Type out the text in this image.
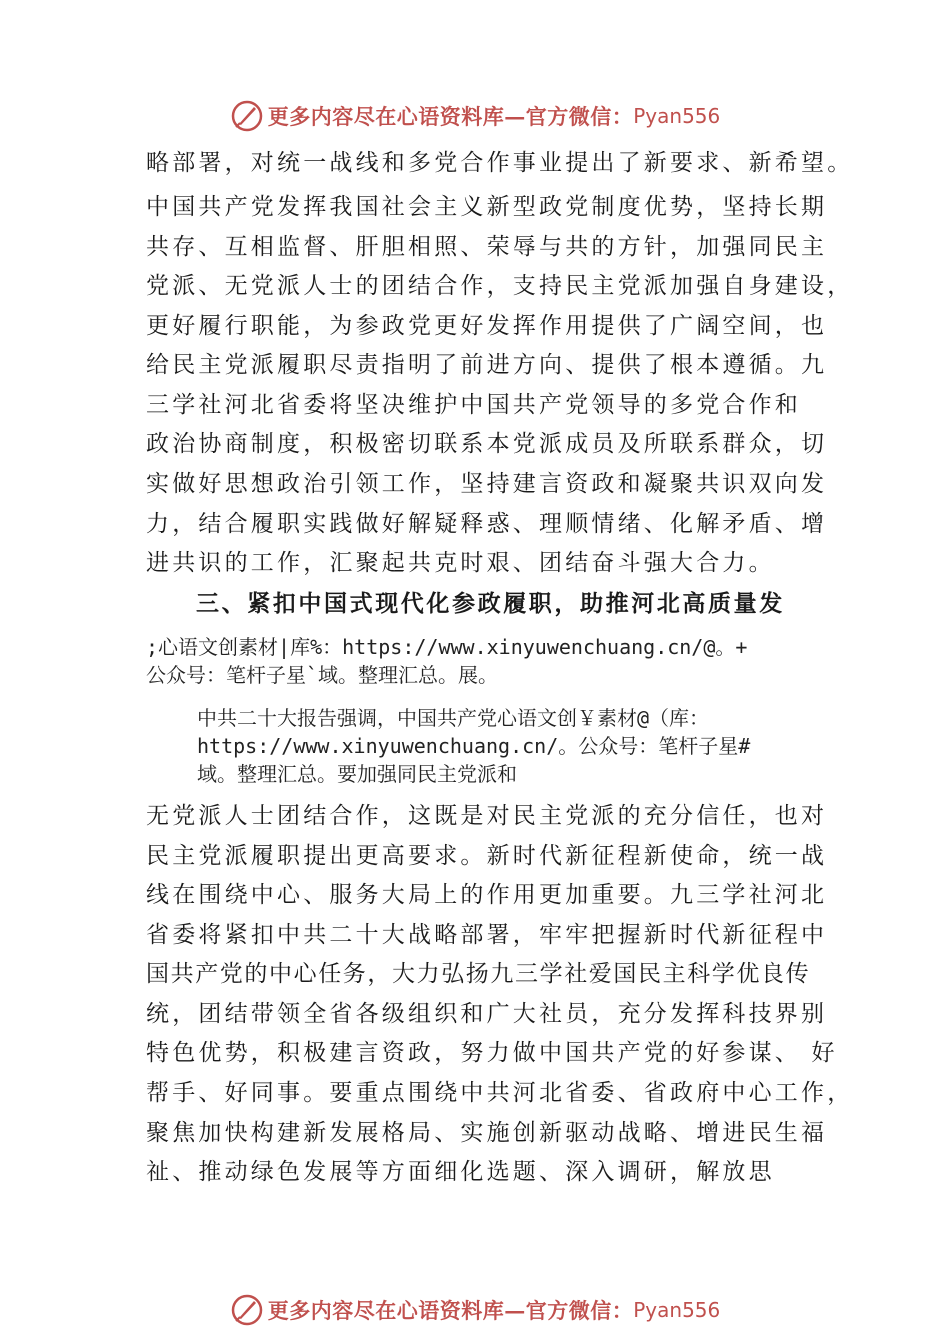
更多内容尽在心语资料库—官方微信： Pyan556
略部署，对统一战线和多党合作事业提出了新要求、新希望。
中国共产党发挥我国社会主义新型政党制度优势，坚持长期
共存、互相监督、肝胆相照、荣辱与共的方针，加强同民主
党派、无党派人士的团结合作，支持民主党派加强自身建设，
更好履行职能，为参政党更好发挥作用提供了广阔空间，也
给民主党派履职尽责指明了前进方向、提供了根本遵循。九
三学社河北省委将坚决维护中国共产党领导的多党合作和
政治协商制度，积极密切联系本党派成员及所联系群众，切
实做好思想政治引领工作，坚持建言资政和凝聚共识双向发
力，结合履职实践做好解疑释惑、理顺情绪、化解矛盾、增
进共识的工作，汇聚起共克时艰、团结奋斗强大合力。
三、紧扣中国式现代化参政履职，助推河北高质量发
;心语文创素材|库%：https://www.xinyuwenchuang.cn/@。+
公众号：笔杆子星`域。整理汇总。展。
中共二十大报告强调，中国共产党心语文创￥素材@（库：
https://www.xinyuwenchuang.cn/。公众号：笔杆子星#
域。整理汇总。要加强同民主党派和
无党派人士团结合作，这既是对民主党派的充分信任，也对
民主党派履职提出更高要求。新时代新征程新使命，统一战
线在围绕中心、服务大局上的作用更加重要。九三学社河北
省委将紧扣中共二十大战略部署，牢牢把握新时代新征程中
国共产党的中心任务，大力弘扬九三学社爱国民主科学优良传
统，团结带领全省各级组织和广大社员，充分发挥科技界别
特色优势，积极建言资政，努力做中国共产党的好参谋、 好
帮手、好同事。要重点围绕中共河北省委、省政府中心工作，
聚焦加快构建新发展格局、实施创新驱动战略、增进民生福
祉、推动绿色发展等方面细化选题、深入调研，解放思
更多内容尽在心语资料库—官方微信： Pyan556
